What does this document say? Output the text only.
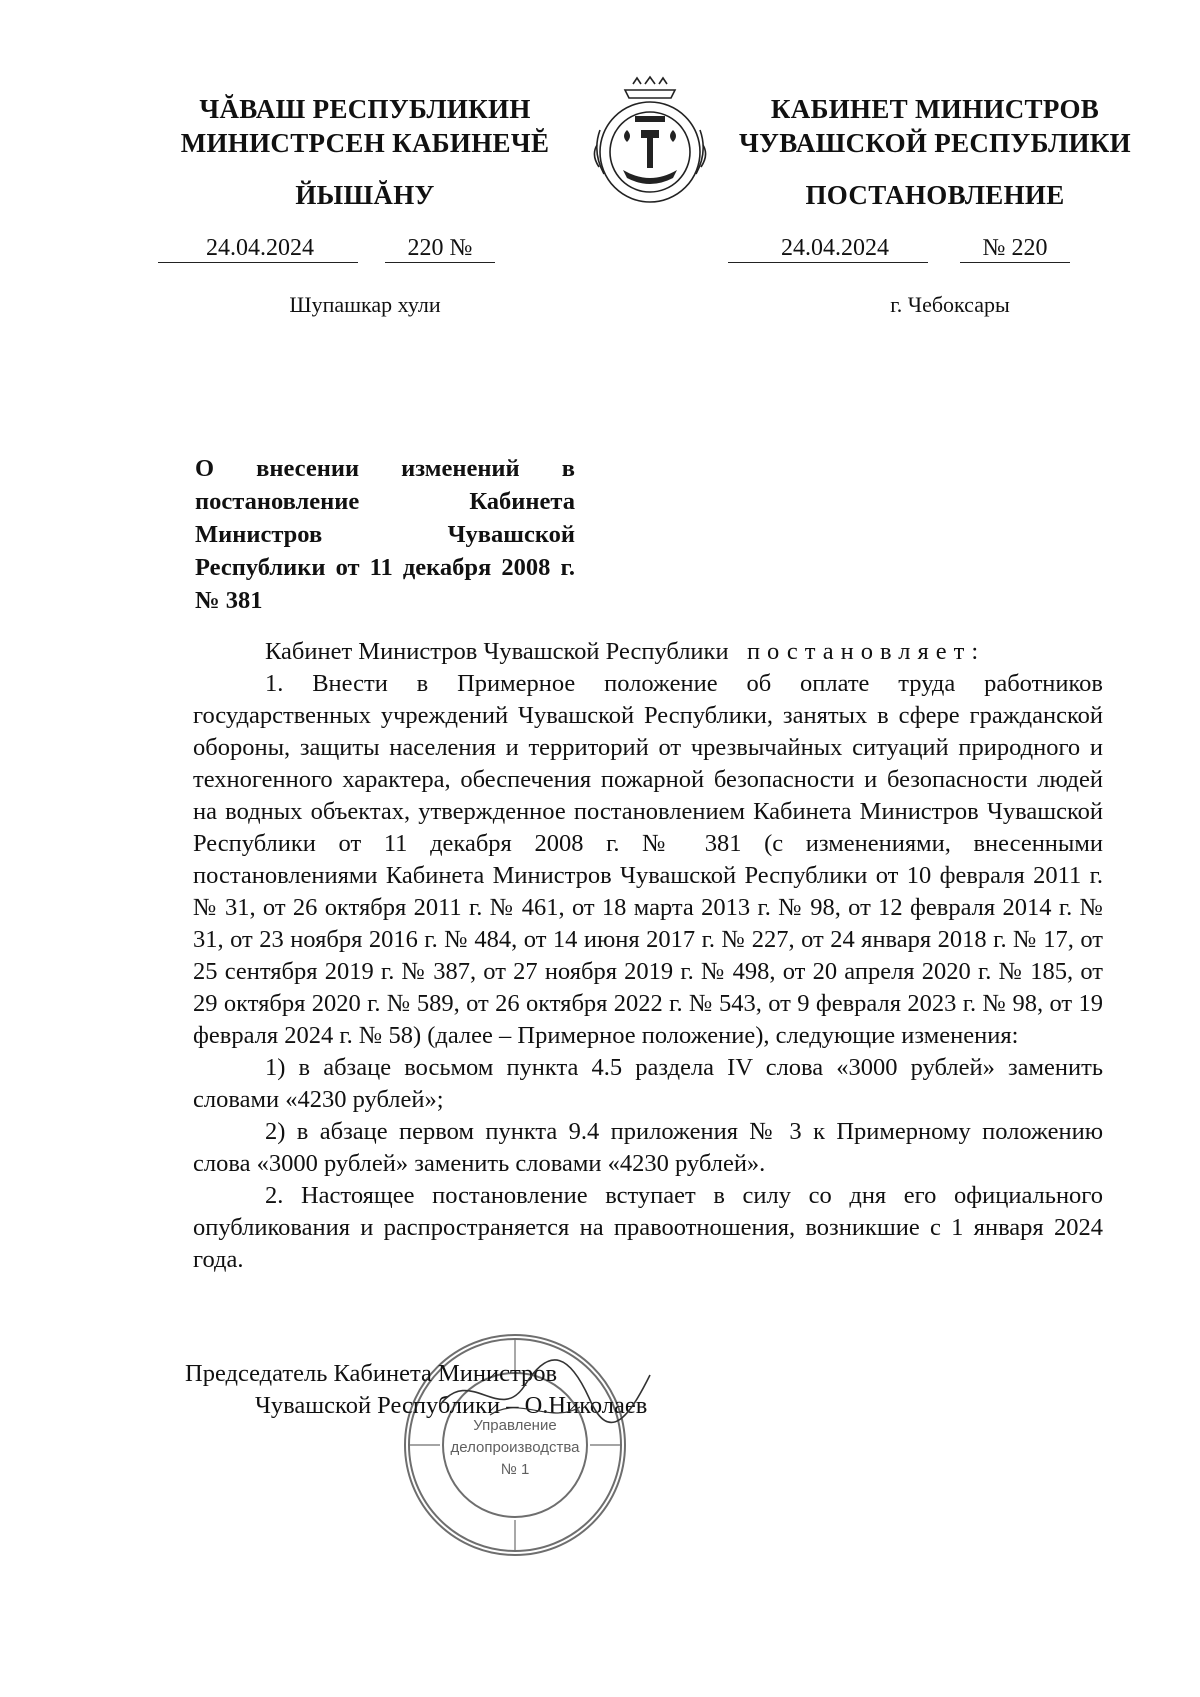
ЧĂВАШ РЕСПУБЛИКИН
МИНИСТРСЕН КАБИНЕЧĔ
КАБИНЕТ МИНИСТРОВ
ЧУВАШСКОЙ РЕСПУБЛИКИ
ЙЫШĂНУ	ПОСТАНОВЛЕНИЕ
24.04.2024	220 №	24.04.2024	№ 220
Шупашкар хули	г. Чебоксары
О внесении изменений в постановление Кабинета Министров Чувашской Республики от 11 декабря 2008 г. № 381

Кабинет Министров Чувашской Республики постановляет:

1. Внести в Примерное положение об оплате труда работников государственных учреждений Чувашской Республики, занятых в сфере гражданской обороны, защиты населения и территорий от чрезвычайных ситуаций природного и техногенного характера, обеспечения пожарной безопасности и безопасности людей на водных объектах, утвержденное постановлением Кабинета Министров Чувашской Республики от 11 декабря 2008 г. № 381 (с изменениями, внесенными постановлениями Кабинета Министров Чувашской Республики от 10 февраля 2011 г. № 31, от 26 октября 2011 г. № 461, от 18 марта 2013 г. № 98, от 12 февраля 2014 г. № 31, от 23 ноября 2016 г. № 484, от 14 июня 2017 г. № 227, от 24 января 2018 г. № 17, от 25 сентября 2019 г. № 387, от 27 ноября 2019 г. № 498, от 20 апреля 2020 г. № 185, от 29 октября 2020 г. № 589, от 26 октября 2022 г. № 543, от 9 февраля 2023 г. № 98, от 19 февраля 2024 г. № 58) (далее – Примерное положение), следующие изменения:

1) в абзаце восьмом пункта 4.5 раздела IV слова «3000 рублей» заменить словами «4230 рублей»;

2) в абзаце первом пункта 9.4 приложения № 3 к Примерному положению слова «3000 рублей» заменить словами «4230 рублей».

2. Настоящее постановление вступает в силу со дня его официального опубликования и распространяется на правоотношения, возникшие с 1 января 2024 года.

Управление
делопроизводства
№ 1
Председатель Кабинета Министров
Чувашской Республики – О.Николаев
